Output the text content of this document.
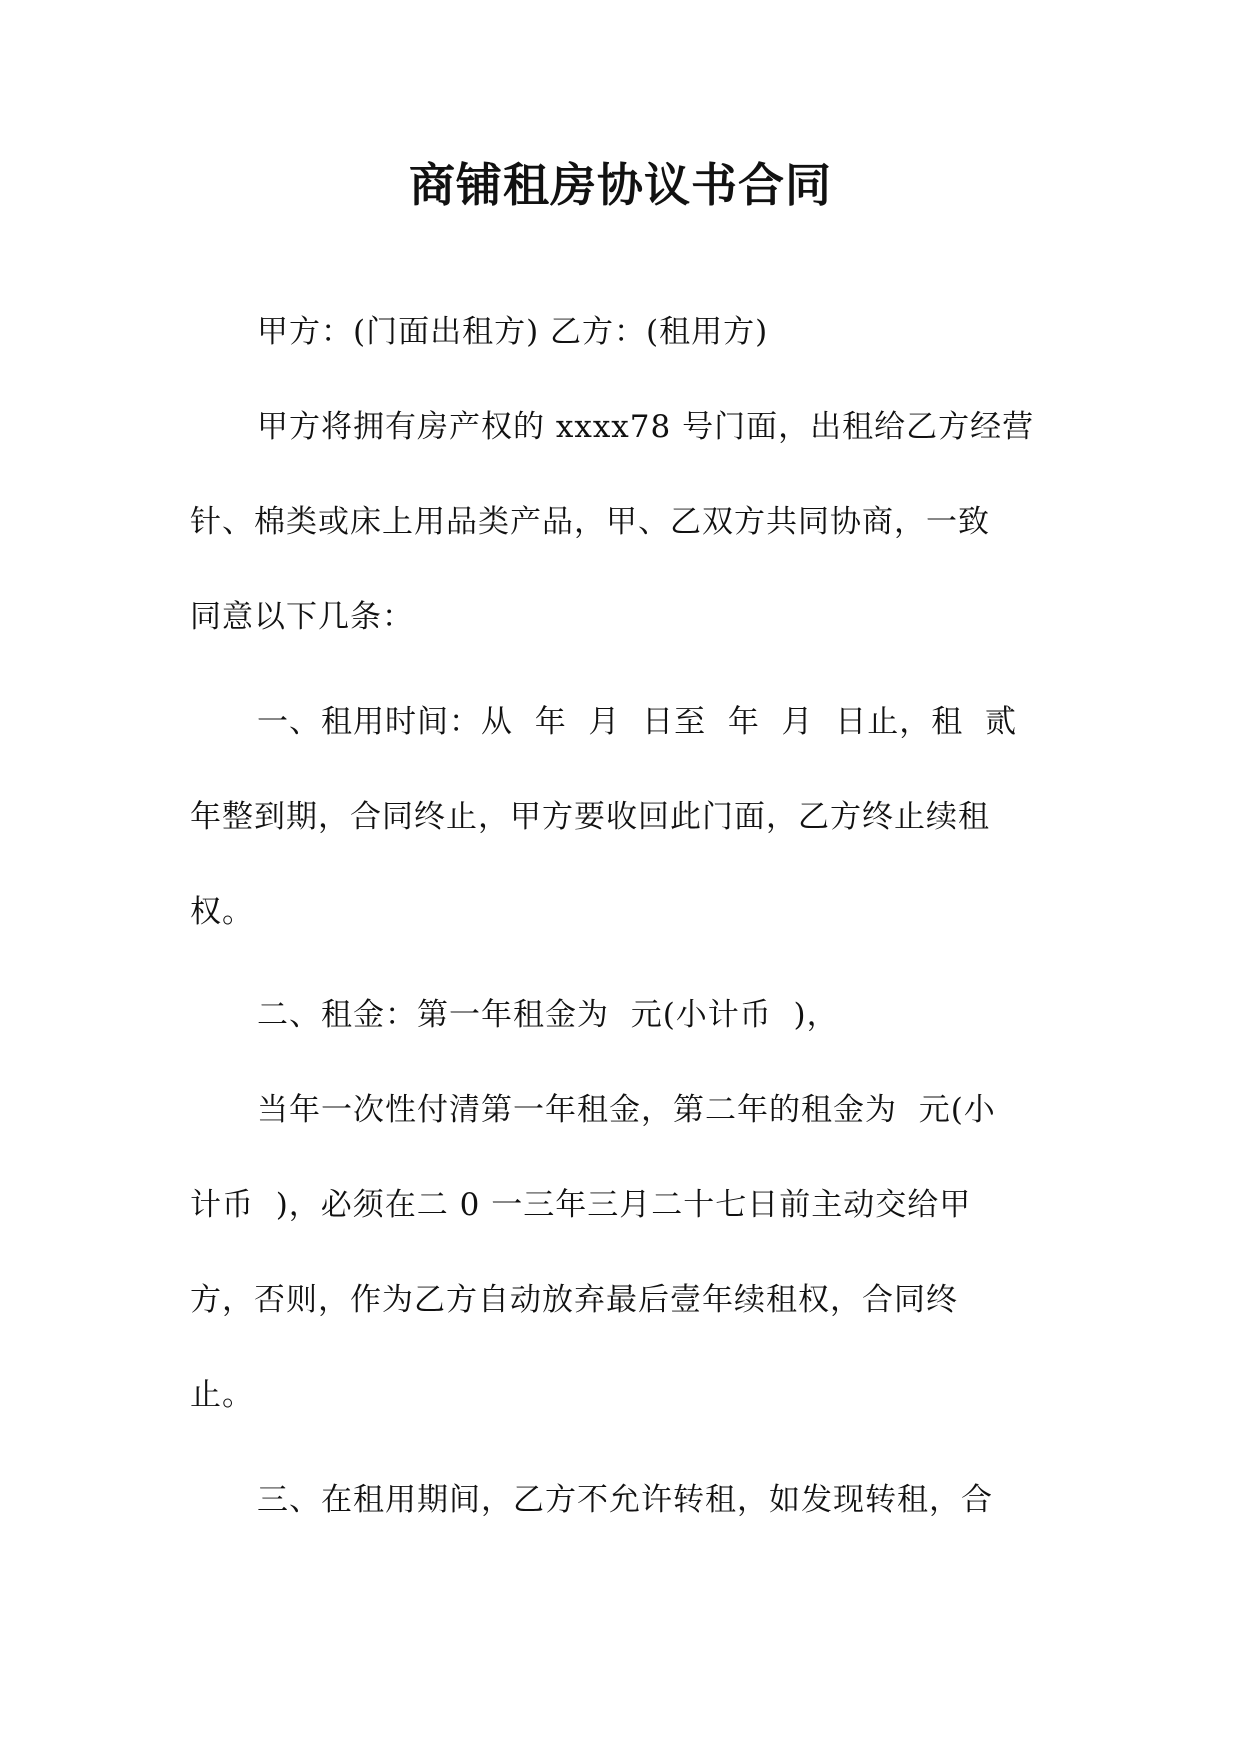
商铺租房协议书合同
甲方：(门面出租方) 乙方：(租用方)
甲方将拥有房产权的 xxxx78 号门面，出租给乙方经营
针、棉类或床上用品类产品，甲、乙双方共同协商，一致
同意以下几条：
一、租用时间：从  年  月  日至  年  月  日止，租  贰
年整到期，合同终止，甲方要收回此门面，乙方终止续租
权。
二、租金：第一年租金为  元(小计币  )，
当年一次性付清第一年租金，第二年的租金为  元(小
计币  )，必须在二 0 一三年三月二十七日前主动交给甲
方，否则，作为乙方自动放弃最后壹年续租权，合同终
止。
三、在租用期间，乙方不允许转租，如发现转租，合
